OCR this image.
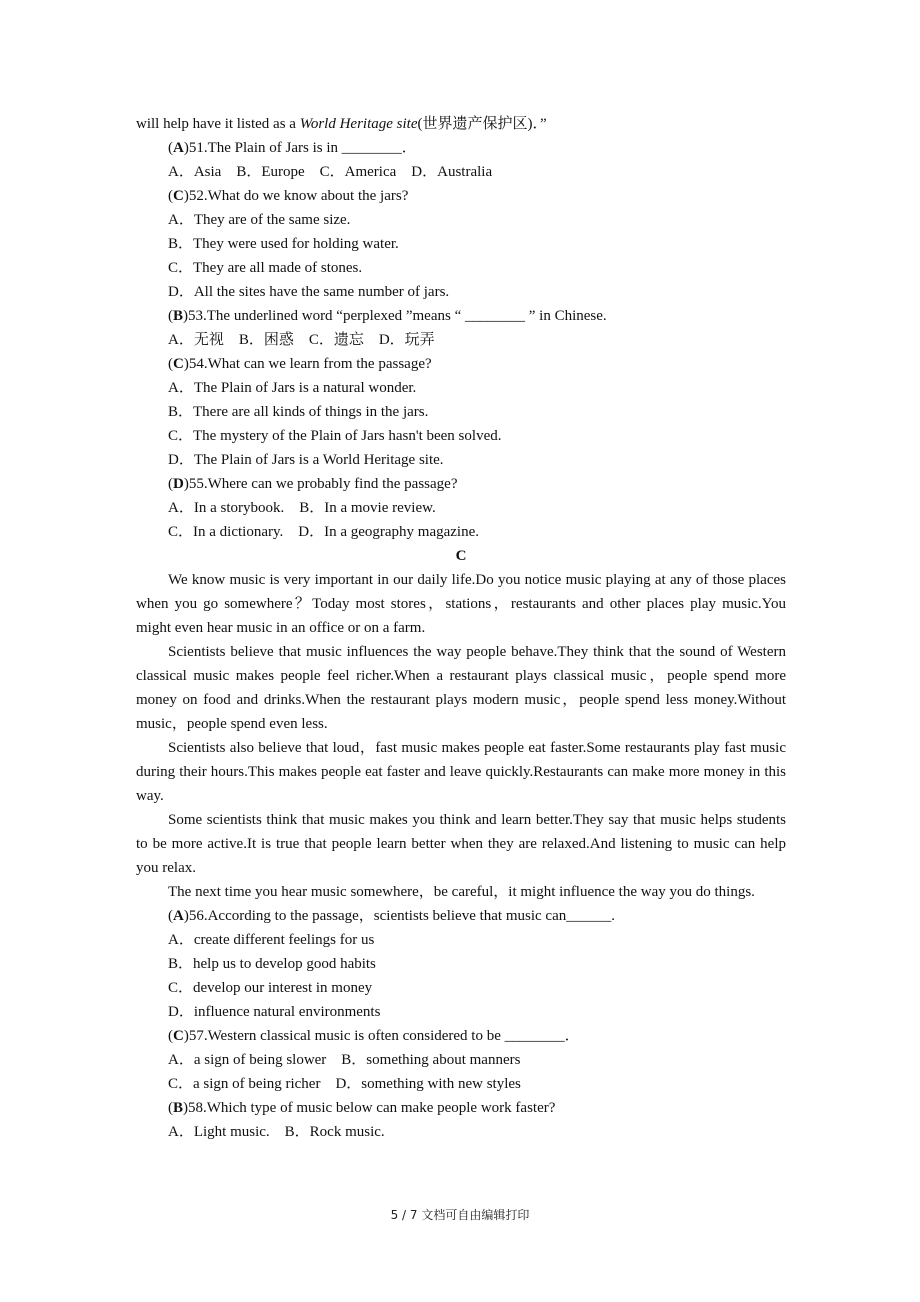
will help have it listed as a World Heritage site(世界遗产保护区)．”
(A)51.The Plain of Jars is in ________．
A．Asia　B．Europe　C．America　D．Australia
(C)52.What do we know about the jars?
A．They are of the same size.
B．They were used for holding water.
C．They are all made of stones.
D．All the sites have the same number of jars.
(B)53.The underlined word “perplexed ”means “ ________ ” in Chinese.
A．无视　B．困惑　C．遗忘　D．玩弄
(C)54.What can we learn from the passage?
A．The Plain of Jars is a natural wonder.
B．There are all kinds of things in the jars.
C．The mystery of the Plain of Jars hasn't been solved.
D．The Plain of Jars is a World Heritage site.
(D)55.Where can we probably find the passage?
A．In a storybook.　B．In a movie review.
C．In a dictionary.　D．In a geography magazine.
C

We know music is very important in our daily life.Do you notice music playing at any of those places when you go somewhere？Today most stores，stations，restaurants and other places play music.You might even hear music in an office or on a farm.

Scientists believe that music influences the way people behave.They think that the sound of Western classical music makes people feel richer.When a restaurant plays classical music，people spend more money on food and drinks.When the restaurant plays modern music，people spend less money.Without music，people spend even less.

Scientists also believe that loud，fast music makes people eat faster.Some restaurants play fast music during their hours.This makes people eat faster and leave quickly.Restaurants can make more money in this way.

Some scientists think that music makes you think and learn better.They say that music helps students to be more active.It is true that people learn better when they are relaxed.And listening to music can help you relax.

The next time you hear music somewhere，be careful，it might influence the way you do things.

(A)56.According to the passage，scientists believe that music can______.
A．create different feelings for us
B．help us to develop good habits
C．develop our interest in money
D．influence natural environments
(C)57.Western classical music is often considered to be ________．
A．a sign of being slower　B．something about manners
C．a sign of being richer　D．something with new styles
(B)58.Which type of music below can make people work faster?
A．Light music.　B．Rock music.
5 / 7 文档可自由编辑打印
